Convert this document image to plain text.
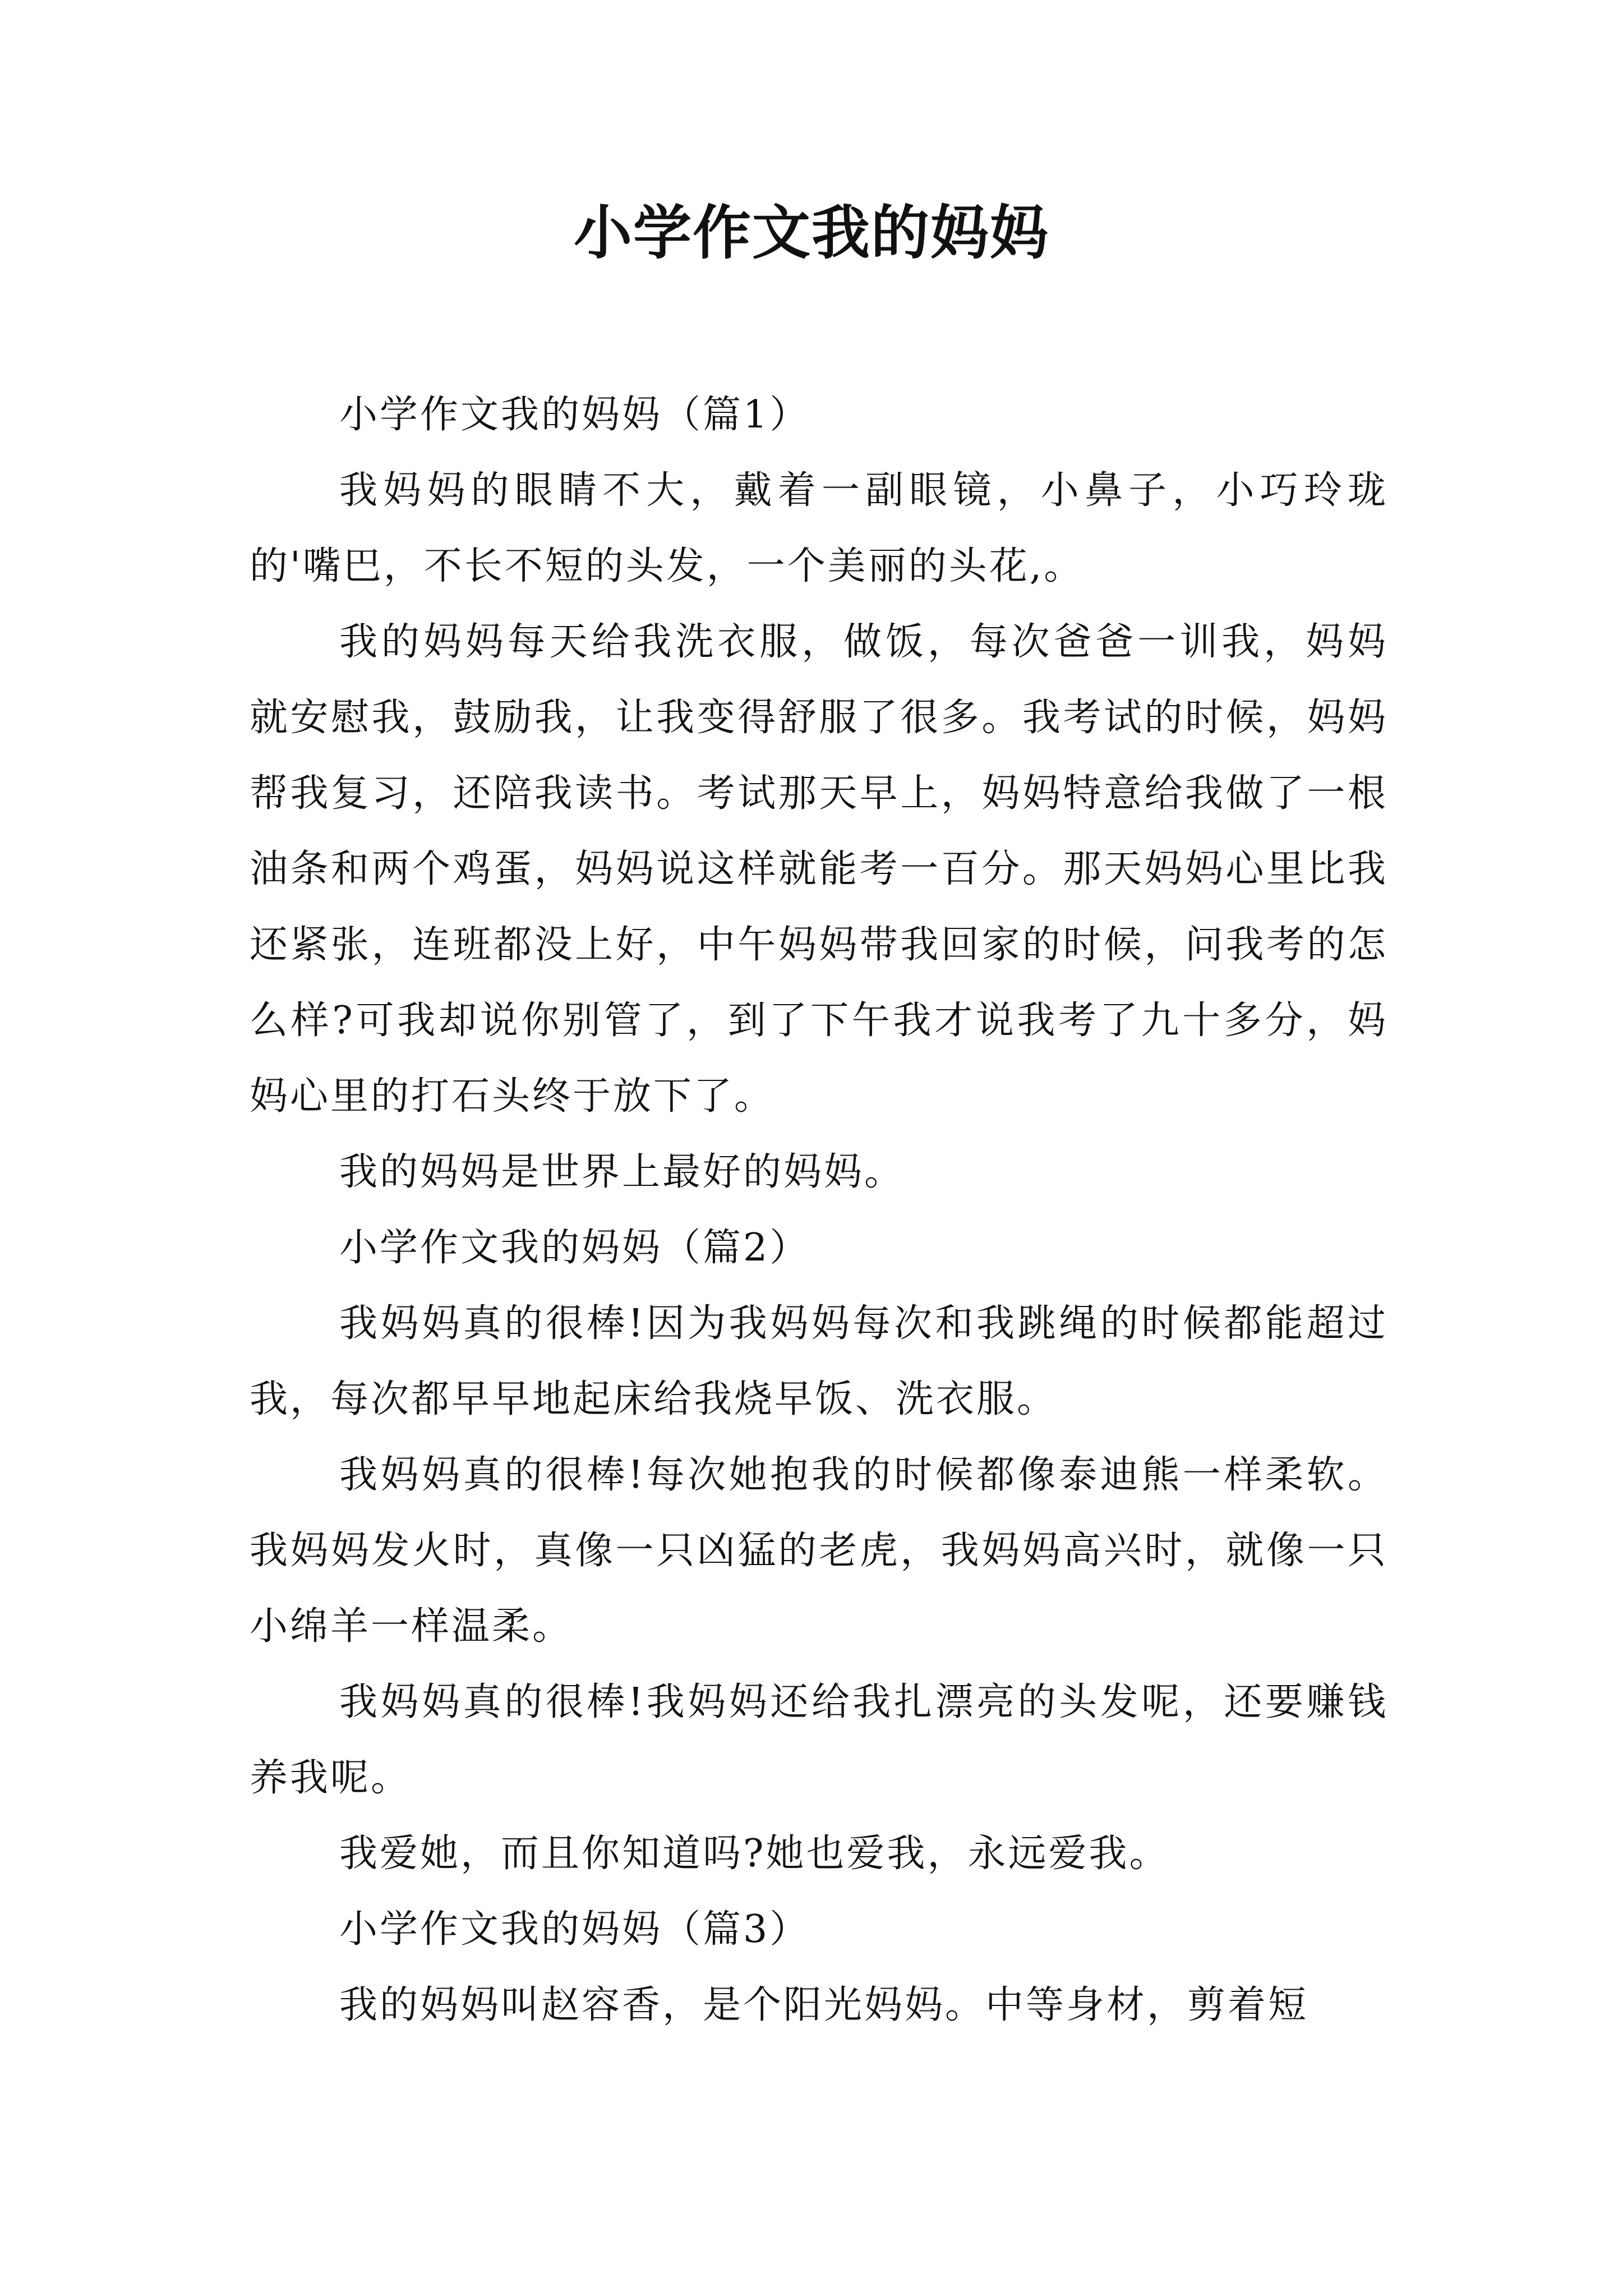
小学作文我的妈妈

小学作文我的妈妈（篇1）

我妈妈的眼睛不大，戴着一副眼镜，小鼻子，小巧玲珑的'嘴巴，不长不短的头发，一个美丽的头花,。

我的妈妈每天给我洗衣服，做饭，每次爸爸一训我，妈妈就安慰我，鼓励我，让我变得舒服了很多。我考试的时候，妈妈帮我复习，还陪我读书。考试那天早上，妈妈特意给我做了一根油条和两个鸡蛋，妈妈说这样就能考一百分。那天妈妈心里比我还紧张，连班都没上好，中午妈妈带我回家的时候，问我考的怎么样?可我却说你别管了，到了下午我才说我考了九十多分，妈妈心里的打石头终于放下了。

我的妈妈是世界上最好的妈妈。

小学作文我的妈妈（篇2）

我妈妈真的很棒!因为我妈妈每次和我跳绳的时候都能超过我，每次都早早地起床给我烧早饭、洗衣服。

我妈妈真的很棒!每次她抱我的时候都像泰迪熊一样柔软。我妈妈发火时，真像一只凶猛的老虎，我妈妈高兴时，就像一只小绵羊一样温柔。

我妈妈真的很棒!我妈妈还给我扎漂亮的头发呢，还要赚钱养我呢。

我爱她，而且你知道吗?她也爱我，永远爱我。

小学作文我的妈妈（篇3）

我的妈妈叫赵容香，是个阳光妈妈。中等身材，剪着短
